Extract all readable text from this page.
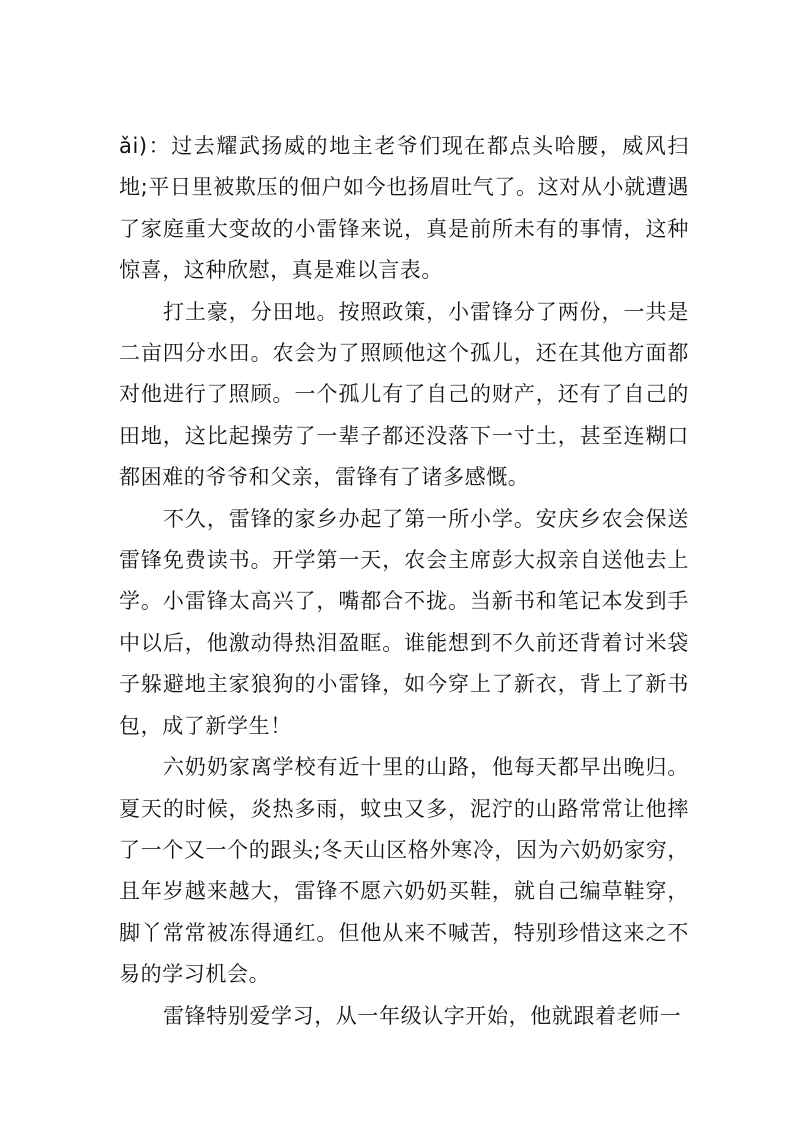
ǎi)：过去耀武扬威的地主老爷们现在都点头哈腰，威风扫地;平日里被欺压的佃户如今也扬眉吐气了。这对从小就遭遇了家庭重大变故的小雷锋来说，真是前所未有的事情，这种惊喜，这种欣慰，真是难以言表。

打土豪，分田地。按照政策，小雷锋分了两份，一共是二亩四分水田。农会为了照顾他这个孤儿，还在其他方面都对他进行了照顾。一个孤儿有了自己的财产，还有了自己的田地，这比起操劳了一辈子都还没落下一寸土，甚至连糊口都困难的爷爷和父亲，雷锋有了诸多感慨。

不久，雷锋的家乡办起了第一所小学。安庆乡农会保送雷锋免费读书。开学第一天，农会主席彭大叔亲自送他去上学。小雷锋太高兴了，嘴都合不拢。当新书和笔记本发到手中以后，他激动得热泪盈眶。谁能想到不久前还背着讨米袋子躲避地主家狼狗的小雷锋，如今穿上了新衣，背上了新书包，成了新学生！

六奶奶家离学校有近十里的山路，他每天都早出晚归。夏天的时候，炎热多雨，蚊虫又多，泥泞的山路常常让他摔了一个又一个的跟头;冬天山区格外寒冷，因为六奶奶家穷，且年岁越来越大，雷锋不愿六奶奶买鞋，就自己编草鞋穿，脚丫常常被冻得通红。但他从来不喊苦，特别珍惜这来之不易的学习机会。

雷锋特别爱学习，从一年级认字开始，他就跟着老师一
